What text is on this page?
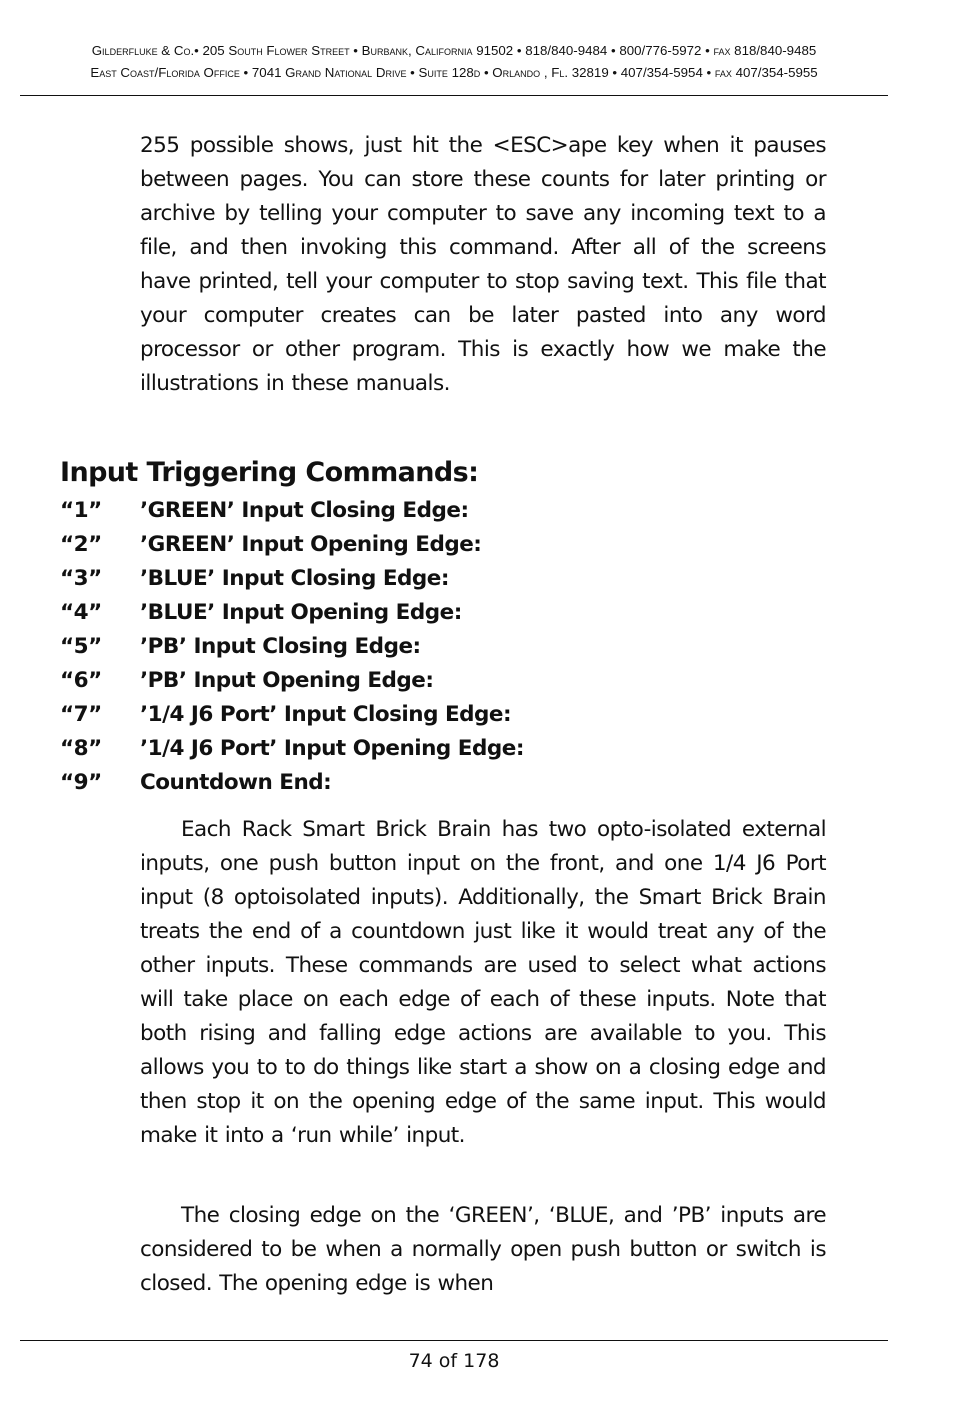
Gilderfluke & Co.• 205 South Flower Street • Burbank, California 91502 • 818/840-9484 • 800/776-5972 • fax 818/840-9485
East Coast/Florida Office • 7041 Grand National Drive • Suite 128d • Orlando , Fl. 32819 • 407/354-5954 • fax 407/354-5955

255 possible shows, just hit the <ESC>ape key when it pauses between pages. You can store these counts for later printing or archive by telling your computer to save any incoming text to a file, and then invoking this command. After all of the screens have printed, tell your computer to stop saving text. This file that your computer creates can be later pasted into any word processor or other program. This is exactly how we make the illustrations in these manuals.

Input Triggering Commands:
“1” ’GREEN’ Input Closing Edge:
“2” ’GREEN’ Input Opening Edge:
“3” ’BLUE’ Input Closing Edge:
“4” ’BLUE’ Input Opening Edge:
“5” ’PB’ Input Closing Edge:
“6” ’PB’ Input Opening Edge:
“7” ’1/4 J6 Port’ Input Closing Edge:
“8” ’1/4 J6 Port’ Input Opening Edge:
“9” Countdown End:

Each Rack Smart Brick Brain has two opto-isolated external inputs, one push button input on the front, and one 1/4 J6 Port input (8 optoisolated inputs). Additionally, the Smart Brick Brain treats the end of a countdown just like it would treat any of the other inputs. These commands are used to select what actions will take place on each edge of each of these inputs. Note that both rising and falling edge actions are available to you. This allows you to to do things like start a show on a closing edge and then stop it on the opening edge of the same input. This would make it into a ‘run while’ input.

The closing edge on the ‘GREEN’, ‘BLUE, and ’PB’ inputs are considered to be when a normally open push button or switch is closed. The opening edge is when

74 of 178
